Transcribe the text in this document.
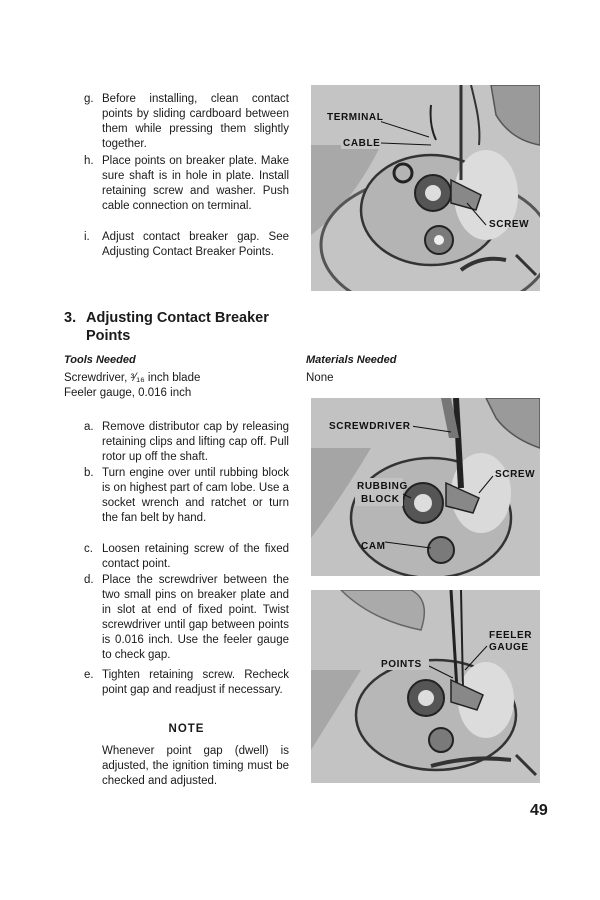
g. Before installing, clean contact points by sliding cardboard between them while pressing them slightly together.
h. Place points on breaker plate. Make sure shaft is in hole in plate. Install retaining screw and washer. Push cable connection on terminal.
i.	Adjust contact breaker gap. See Adjusting Contact Breaker Points.
3. Adjusting Contact Breaker Points
Tools Needed
Screwdriver, ³⁄₁₆ inch blade
Feeler gauge, 0.016 inch
Materials Needed
None
a. Remove distributor cap by releasing retaining clips and lifting cap off. Pull rotor up off the shaft.
b. Turn engine over until rubbing block is on highest part of cam lobe. Use a socket wrench and ratchet or turn the fan belt by hand.
c. Loosen retaining screw of the fixed contact point.
d. Place the screwdriver between the two small pins on breaker plate and in slot at end of fixed point. Twist screwdriver until gap between points is 0.016 inch. Use the feeler gauge to check gap.
e. Tighten retaining screw. Recheck point gap and readjust if necessary.
NOTE
Whenever point gap (dwell) is adjusted, the ignition timing must be checked and adjusted.
49
TERMINAL
CABLE
SCREW
SCREWDRIVER
SCREW
RUBBING
BLOCK
CAM
FEELER
GAUGE
POINTS
